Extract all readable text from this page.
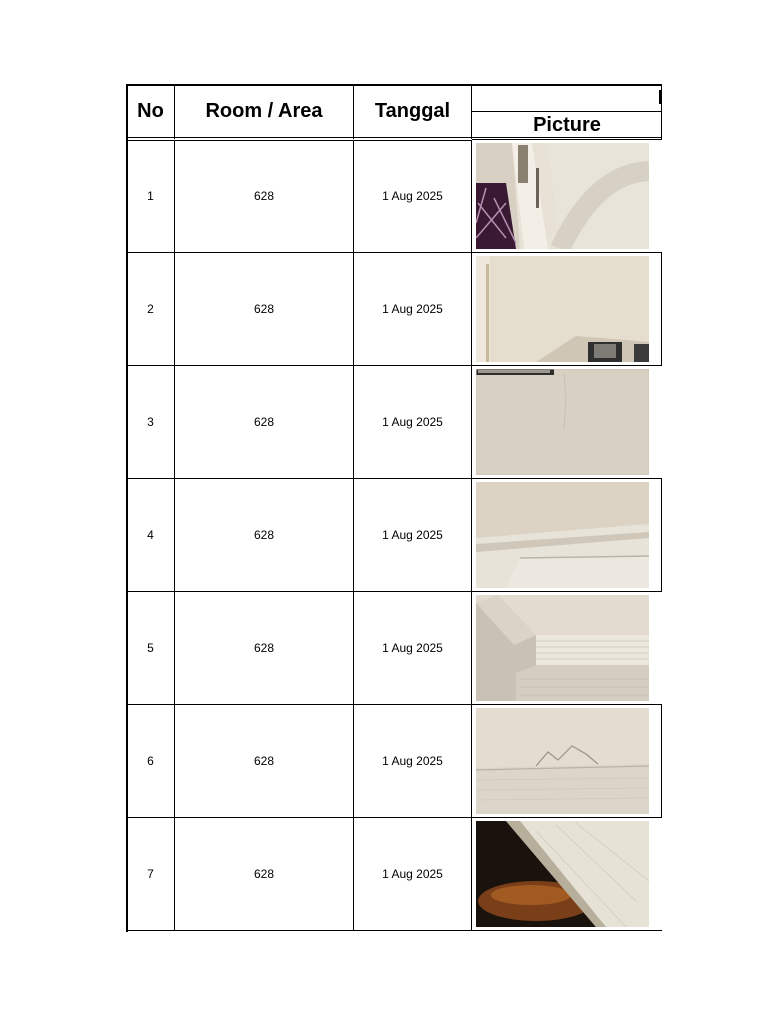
No	Room / Area	Tanggal
Picture
1	628	1 Aug 2025
2	628	1 Aug 2025
3	628	1 Aug 2025
4	628	1 Aug 2025
5	628	1 Aug 2025
6	628	1 Aug 2025
7	628	1 Aug 2025
